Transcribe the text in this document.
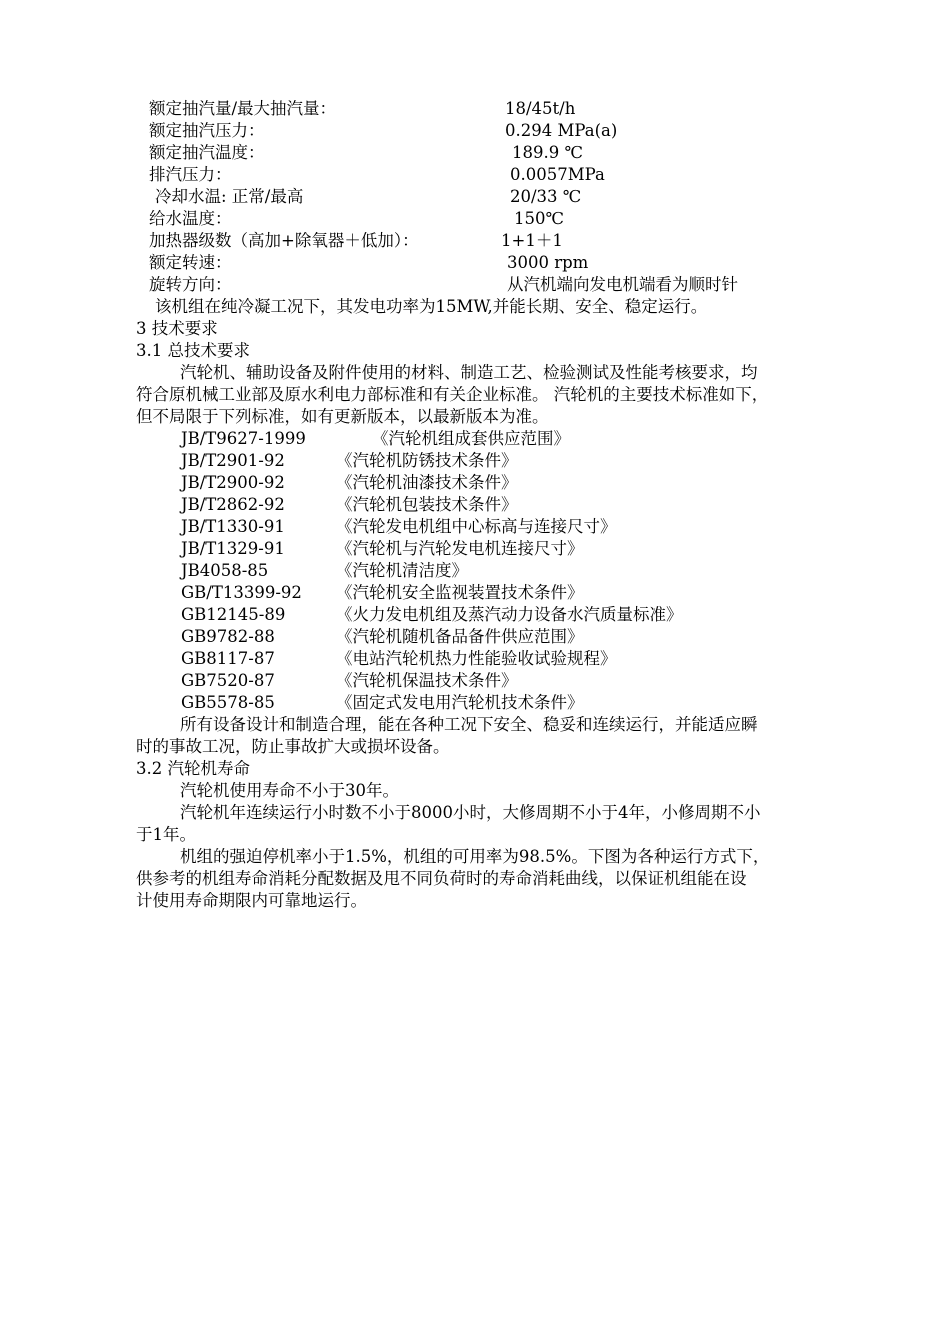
额定抽汽量/最大抽汽量：	18/45t/h
额定抽汽压力：	0.294 MPa(a)
额定抽汽温度：	189.9 ℃
排汽压力：	0.0057MPa
冷却水温: 正常/最高	20/33 ℃
给水温度：	150℃
加热器级数（高加+除氧器＋低加）：	1+1＋1
额定转速：	3000 rpm
旋转方向：	从汽机端向发电机端看为顺时针
该机组在纯冷凝工况下，其发电功率为15MW,并能长期、安全、稳定运行。
3 技术要求
3.1 总技术要求
汽轮机、辅助设备及附件使用的材料、制造工艺、检验测试及性能考核要求，均
符合原机械工业部及原水利电力部标准和有关企业标准。 汽轮机的主要技术标准如下，
但不局限于下列标准，如有更新版本，以最新版本为准。
JB/T9627-1999	《汽轮机组成套供应范围》
JB/T2901-92	《汽轮机防锈技术条件》
JB/T2900-92	《汽轮机油漆技术条件》
JB/T2862-92	《汽轮机包装技术条件》
JB/T1330-91	《汽轮发电机组中心标高与连接尺寸》
JB/T1329-91	《汽轮机与汽轮发电机连接尺寸》
JB4058-85	《汽轮机清洁度》
GB/T13399-92 《汽轮机安全监视装置技术条件》
GB12145-89	《火力发电机组及蒸汽动力设备水汽质量标准》
GB9782-88	《汽轮机随机备品备件供应范围》
GB8117-87	《电站汽轮机热力性能验收试验规程》
GB7520-87	《汽轮机保温技术条件》
GB5578-85	《固定式发电用汽轮机技术条件》
所有设备设计和制造合理，能在各种工况下安全、稳妥和连续运行，并能适应瞬
时的事故工况，防止事故扩大或损坏设备。
3.2 汽轮机寿命
汽轮机使用寿命不小于30年。
汽轮机年连续运行小时数不小于8000小时，大修周期不小于4年，小修周期不小
于1年。
机组的强迫停机率小于1.5%，机组的可用率为98.5%。下图为各种运行方式下，
供参考的机组寿命消耗分配数据及甩不同负荷时的寿命消耗曲线，以保证机组能在设
计使用寿命期限内可靠地运行。
